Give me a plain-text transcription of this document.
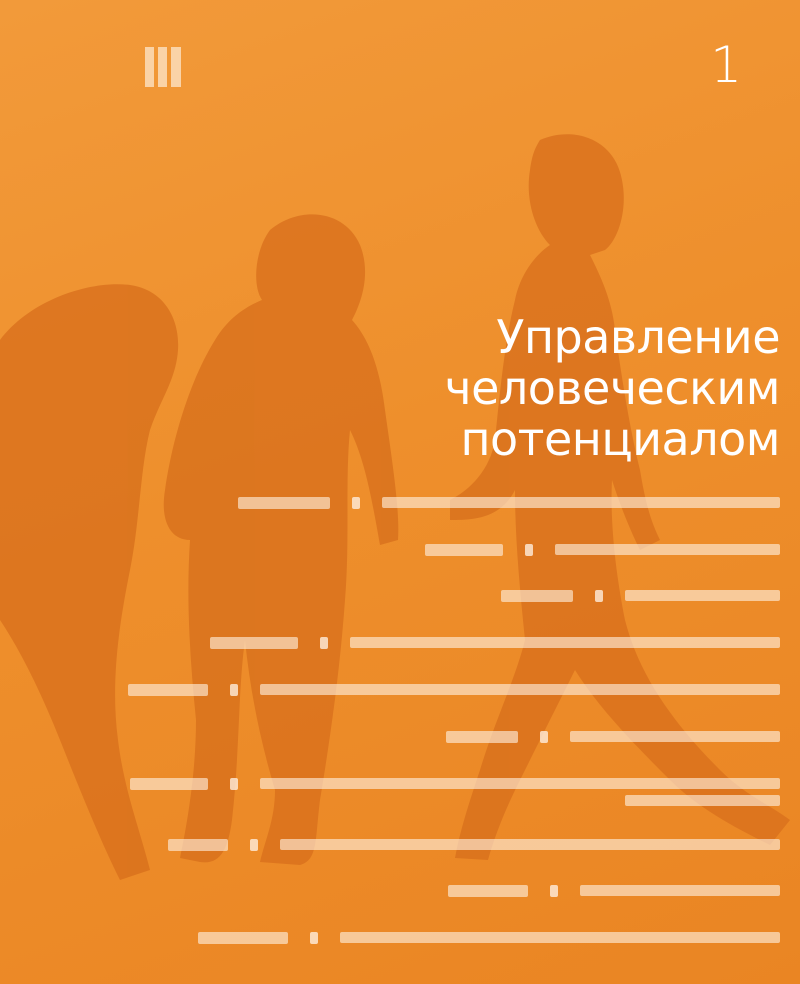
1
Управление
человеческим
потенциалом
